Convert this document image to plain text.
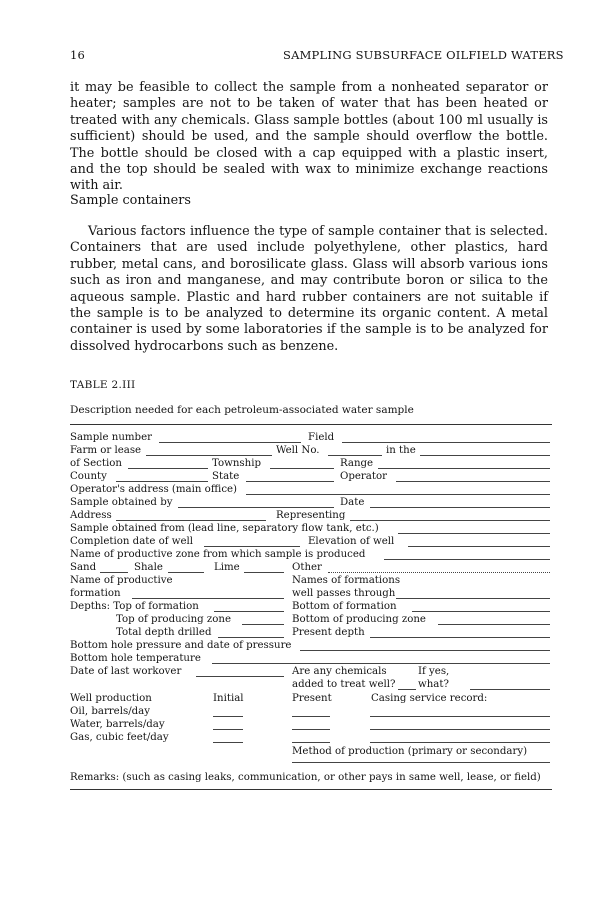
16	SAMPLING SUBSURFACE OILFIELD WATERS

it may be feasible to collect the sample from a nonheated separator or heater; samples are not to be taken of water that has been heated or treated with any chemicals. Glass sample bottles (about 100 ml usually is sufficient) should be used, and the sample should overflow the bottle. The bottle should be closed with a cap equipped with a plastic insert, and the top should be sealed with wax to minimize exchange reactions with air.

Sample containers

Various factors influence the type of sample container that is selected. Containers that are used include polyethylene, other plastics, hard rubber, metal cans, and borosilicate glass. Glass will absorb various ions such as iron and manganese, and may contribute boron or silica to the aqueous sample. Plastic and hard rubber containers are not suitable if the sample is to be analyzed to determine its organic content. A metal container is used by some laboratories if the sample is to be analyzed for dissolved hydrocarbons such as benzene.

TABLE 2.III
Description needed for each petroleum-associated water sample
Sample number	Field
Farm or lease	Well No.	in the
of Section	Township	Range
County	State	Operator
Operator's address (main office)
Sample obtained by	Date
Address	Representing
Sample obtained from (lead line, separatory flow tank, etc.)
Completion date of well	Elevation of well
Name of productive zone from which sample is produced
Sand	Shale	Lime	Other
Name of productive	Names of formations
formation	well passes through
Depths: Top of formation	Bottom of formation
Top of producing zone	Bottom of producing zone
Total depth drilled	Present depth
Bottom hole pressure and date of pressure
Bottom hole temperature
Date of last workover	Are any chemicals	If yes,
added to treat well? what?
Well production	Initial	Present	Casing service record:
Oil, barrels/day
Water, barrels/day
Gas, cubic feet/day
Method of production (primary or secondary)
Remarks: (such as casing leaks, communication, or other pays in same well, lease, or field)
